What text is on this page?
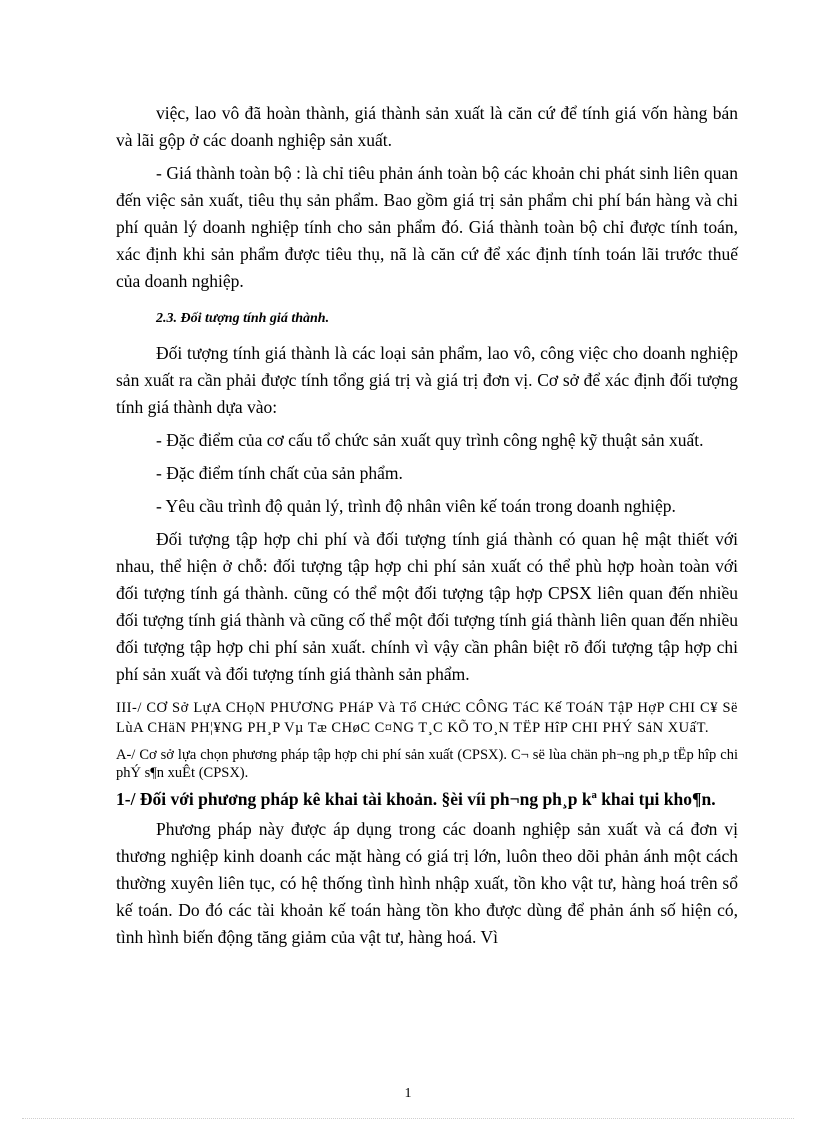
việc, lao vô đã hoàn thành, giá thành sản xuất là căn cứ để tính giá vốn hàng bán và lãi gộp ở các doanh nghiệp sản xuất.

- Giá thành toàn bộ : là chỉ tiêu phản ánh toàn bộ các khoản chi phát sinh liên quan đến việc sản xuất, tiêu thụ sản phẩm. Bao gồm giá trị sản phẩm chi phí bán hàng và chi phí quản lý doanh nghiệp tính cho sản phẩm đó. Giá thành toàn bộ chỉ được tính toán, xác định khi sản phẩm được tiêu thụ, nã là căn cứ để xác định tính toán lãi trước thuế của doanh nghiệp.

2.3. Đối tượng tính giá thành.

Đối tượng tính giá thành là các loại sản phẩm, lao vô, công việc cho doanh nghiệp sản xuất ra cần phải được tính tổng giá trị và giá trị đơn vị. Cơ sở để xác định đối tượng tính giá thành dựa vào:

- Đặc điểm của cơ cấu tổ chức sản xuất quy trình công nghệ kỹ thuật sản xuất.

- Đặc điểm tính chất của sản phẩm.

- Yêu cầu trình độ quản lý, trình độ nhân viên kế toán trong doanh nghiệp.

Đối tượng tập hợp chi phí và đối tượng tính giá thành có quan hệ mật thiết với nhau, thể hiện ở chỗ: đối tượng tập hợp chi phí sản xuất có thể phù hợp hoàn toàn với đối tượng tính gá thành. cũng có thể một đối tượng tập hợp CPSX liên quan đến nhiều đối tượng tính giá thành và cũng cố thể một đối tượng tính giá thành liên quan đến nhiều đối tượng tập hợp chi phí sản xuất. chính vì vậy cần phân biệt rõ đối tượng tập hợp chi phí sản xuất và đối tượng tính giá thành sản phẩm.

III-/ CƠ Sở LựA CHọN PHƯƠNG PHáP Và Tổ CHứC CÔNG TáC Kế TOáN TậP HợP CHI C¥ Së LùA CHäN PH¦¥NG PH¸P Vµ Tæ CHøC C¤NG T¸C KÕ TO¸N TËP HîP CHI PHÝ SảN XUấT.

A-/ Cơ sở lựa chọn phương pháp tập hợp chi phí sản xuất (CPSX). C¬ së lùa chän ph¬ng ph¸p tËp hîp chi phÝ s¶n xuÊt (CPSX).

1-/ Đối với phương pháp kê khai tài khoản. §èi víi ph¬ng ph¸p kª khai tµi kho¶n.

Phương pháp này được áp dụng trong các doanh nghiệp sản xuất và cá đơn vị thương nghiệp kinh doanh các mặt hàng có giá trị lớn, luôn theo dõi phản ánh một cách thường xuyên liên tục, có hệ thống tình hình nhập xuất, tồn kho vật tư, hàng hoá trên sổ kế toán. Do đó các tài khoản kế toán hàng tồn kho được dùng để phản ánh số hiện có, tình hình biến động tăng giảm của vật tư, hàng hoá. Vì

1
